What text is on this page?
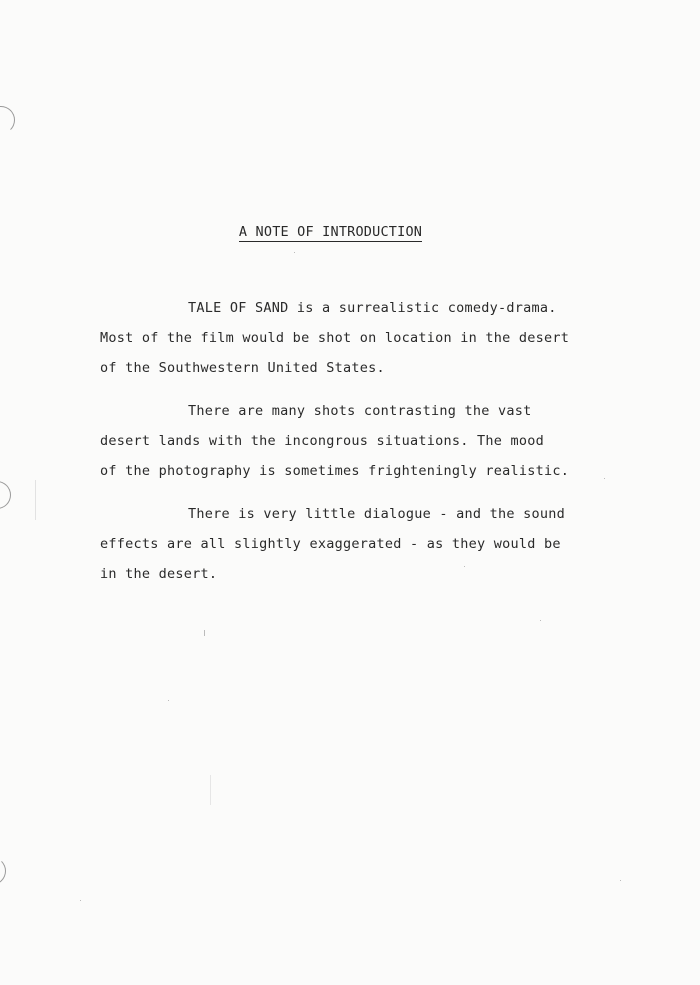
A NOTE OF INTRODUCTION
TALE OF SAND is a surrealistic comedy-drama.
Most of the film would be shot on location in the desert
of the Southwestern United States.
There are many shots contrasting the vast
desert lands with the incongrous situations. The mood
of the photography is sometimes frighteningly realistic.
There is very little dialogue - and the sound
effects are all slightly exaggerated - as they would be
in the desert.
